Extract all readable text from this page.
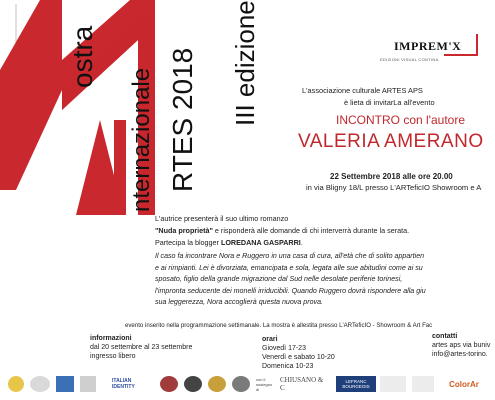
ostra
nternazionale RTES 2018 III edizione	IMPREM'X
EDIZIONI VISUAL CONTINA
L'associazione culturale ARTES APS
è lieta di invitarLa all'evento
INCONTRO con l'autore
VALERIA AMERANO
22 Settembre 2018 alle ore 20.00
in via Bligny 18/L presso L'ARTeficIO Showroom e A
L'autrice presenterà il suo ultimo romanzo
"Nuda proprietà" e risponderà alle domande di chi interverrà durante la serata.
Partecipa la blogger LOREDANA GASPARRI.
Il caso fa incontrare Nora e Ruggero in una casa di cura, all'età che di solito appartien
e ai rimpianti. Lei è divorziata, emancipata e sola, legata alle sue abitudini come ai su
sposato, figlio della grande migrazione dal Sud nelle desolate periferie torinesi,
l'impronta seducente dei monelli irriducibili. Quando Ruggero dovrà rispondere alla giu
sua leggerezza, Nora accoglierà questa nuova prova.
evento inserito nella programmazione settimanale. La mostra è allestita presso L'ARTeficIO - Showroom & Art Fac
informazioni
dal 20 settembre al 23 settembre
ingresso libero
orari
Giovedì 17-23
Venerdì e sabato 10-20
Domenica 10-23
contatti
artes aps via buniv
info@artes-torino.
ITALIAN IDENTITY
con il sostegno di
CHIUSANO & C
LEFRANC BOURGEOIS	ColorAr
